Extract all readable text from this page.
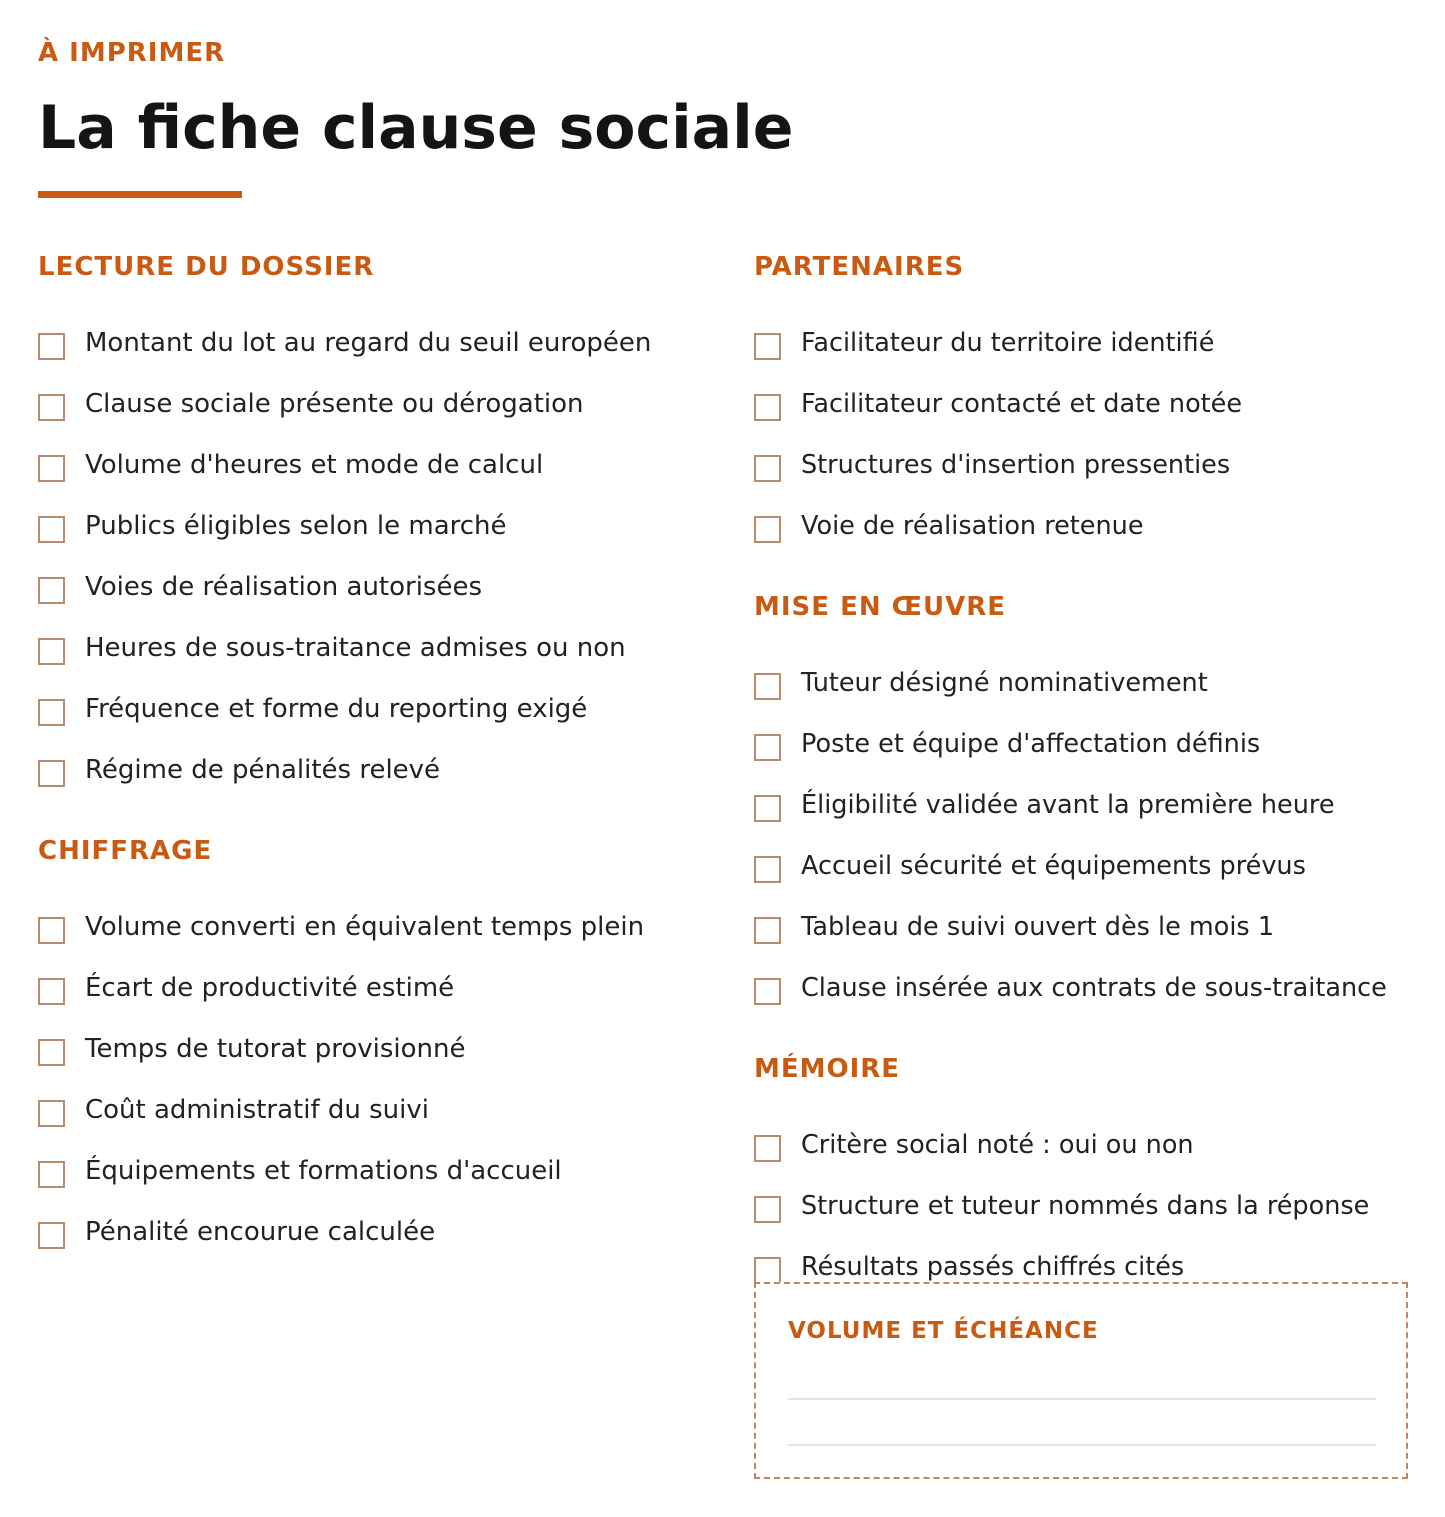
À IMPRIMER
La fiche clause sociale
LECTURE DU DOSSIER
Montant du lot au regard du seuil européen
Clause sociale présente ou dérogation
Volume d'heures et mode de calcul
Publics éligibles selon le marché
Voies de réalisation autorisées
Heures de sous-traitance admises ou non
Fréquence et forme du reporting exigé
Régime de pénalités relevé
CHIFFRAGE
Volume converti en équivalent temps plein
Écart de productivité estimé
Temps de tutorat provisionné
Coût administratif du suivi
Équipements et formations d'accueil
Pénalité encourue calculée
PARTENAIRES
Facilitateur du territoire identifié
Facilitateur contacté et date notée
Structures d'insertion pressenties
Voie de réalisation retenue
MISE EN ŒUVRE
Tuteur désigné nominativement
Poste et équipe d'affectation définis
Éligibilité validée avant la première heure
Accueil sécurité et équipements prévus
Tableau de suivi ouvert dès le mois 1
Clause insérée aux contrats de sous-traitance
MÉMOIRE
Critère social noté : oui ou non
Structure et tuteur nommés dans la réponse
Résultats passés chiffrés cités
VOLUME ET ÉCHÉANCE
